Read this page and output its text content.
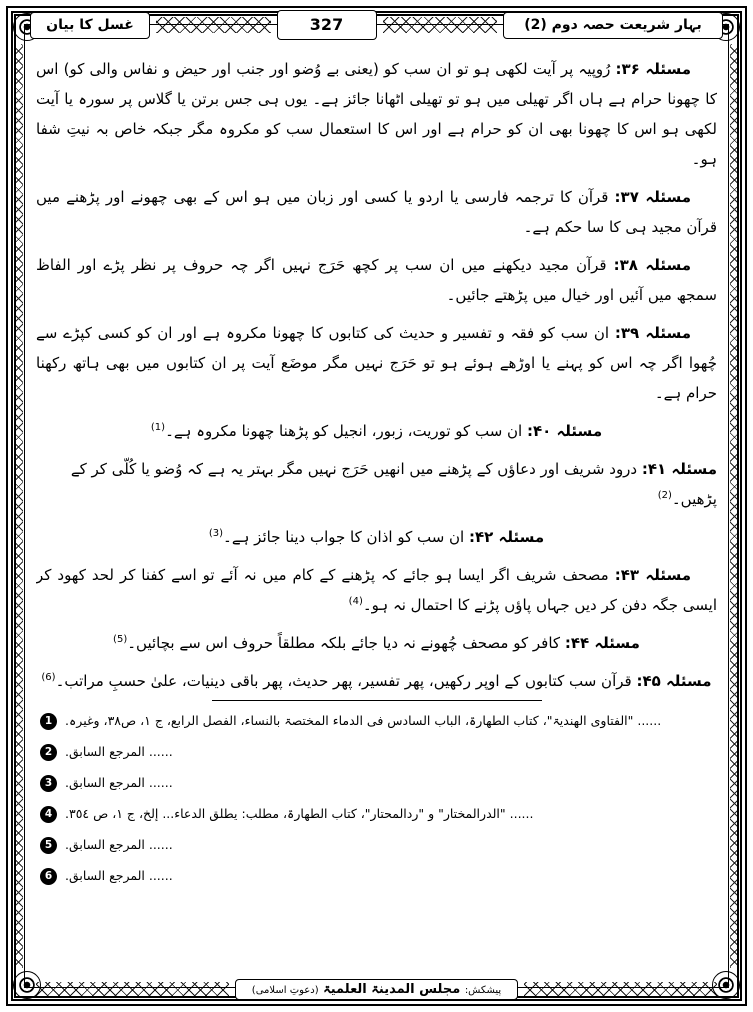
بہار شریعت حصہ دوم (2)
327
غسل کا بیان

مسئلہ ۳۶: رُوپیہ پر آیت لکھی ہو تو ان سب کو (یعنی بے وُضو اور جنب اور حیض و نفاس والی کو) اس کا چھونا حرام ہے ہاں اگر تھیلی میں ہو تو تھیلی اٹھانا جائز ہے۔ یوں ہی جس برتن یا گلاس پر سورہ یا آیت لکھی ہو اس کا چھونا بھی ان کو حرام ہے اور اس کا استعمال سب کو مکروہ مگر جبکہ خاص بہ نیتِ شفا ہو۔

مسئلہ ۳۷: قرآن کا ترجمہ فارسی یا اردو یا کسی اور زبان میں ہو اس کے بھی چھونے اور پڑھنے میں قرآن مجید ہی کا سا حکم ہے۔

مسئلہ ۳۸: قرآن مجید دیکھنے میں ان سب پر کچھ حَرَج نہیں اگر چہ حروف پر نظر پڑے اور الفاظ سمجھ میں آئیں اور خیال میں پڑھتے جائیں۔

مسئلہ ۳۹: ان سب کو فقہ و تفسیر و حدیث کی کتابوں کا چھونا مکروہ ہے اور ان کو کسی کپڑے سے چُھوا اگر چہ اس کو پہنے یا اوڑھے ہوئے ہو تو حَرَج نہیں مگر موضَع آیت پر ان کتابوں میں بھی ہاتھ رکھنا حرام ہے۔

مسئلہ ۴۰: ان سب کو توریت، زبور، انجیل کو پڑھنا چھونا مکروہ ہے۔$^{(1)}$

مسئلہ ۴۱: درود شریف اور دعاؤں کے پڑھنے میں انھیں حَرَج نہیں مگر بہتر یہ ہے کہ وُضو یا کُلّی کر کے پڑھیں۔$^{(2)}$

مسئلہ ۴۲: ان سب کو اذان کا جواب دینا جائز ہے۔$^{(3)}$

مسئلہ ۴۳: مصحف شریف اگر ایسا ہو جائے کہ پڑھنے کے کام میں نہ آئے تو اسے کفنا کر لحد کھود کر ایسی جگہ دفن کر دیں جہاں پاؤں پڑنے کا احتمال نہ ہو۔$^{(4)}$

مسئلہ ۴۴: کافر کو مصحف چُھونے نہ دیا جائے بلکہ مطلقاً حروف اس سے بچائیں۔$^{(5)}$

مسئلہ ۴۵: قرآن سب کتابوں کے اوپر رکھیں، پھر تفسیر، پھر حدیث، پھر باقی دینیات، علیٰ حسبِ مراتب۔$^{(6)}$

1	...... "الفتاوی الھندیۃ"، کتاب الطھارۃ، الباب السادس فی الدماء المختصۃ بالنساء، الفصل الرابع، ج ١، ص٣٨، وغیرہ.
2	...... المرجع السابق.
3	...... المرجع السابق.
4	...... "الدرالمختار" و "ردالمحتار"، کتاب الطھارۃ، مطلب: یطلق الدعاء... إلخ، ج ١، ص ٣٥٤.
5	...... المرجع السابق.
6	...... المرجع السابق.
پیشکش: مجلس المدینۃ العلمیۃ (دعوتِ اسلامی)
